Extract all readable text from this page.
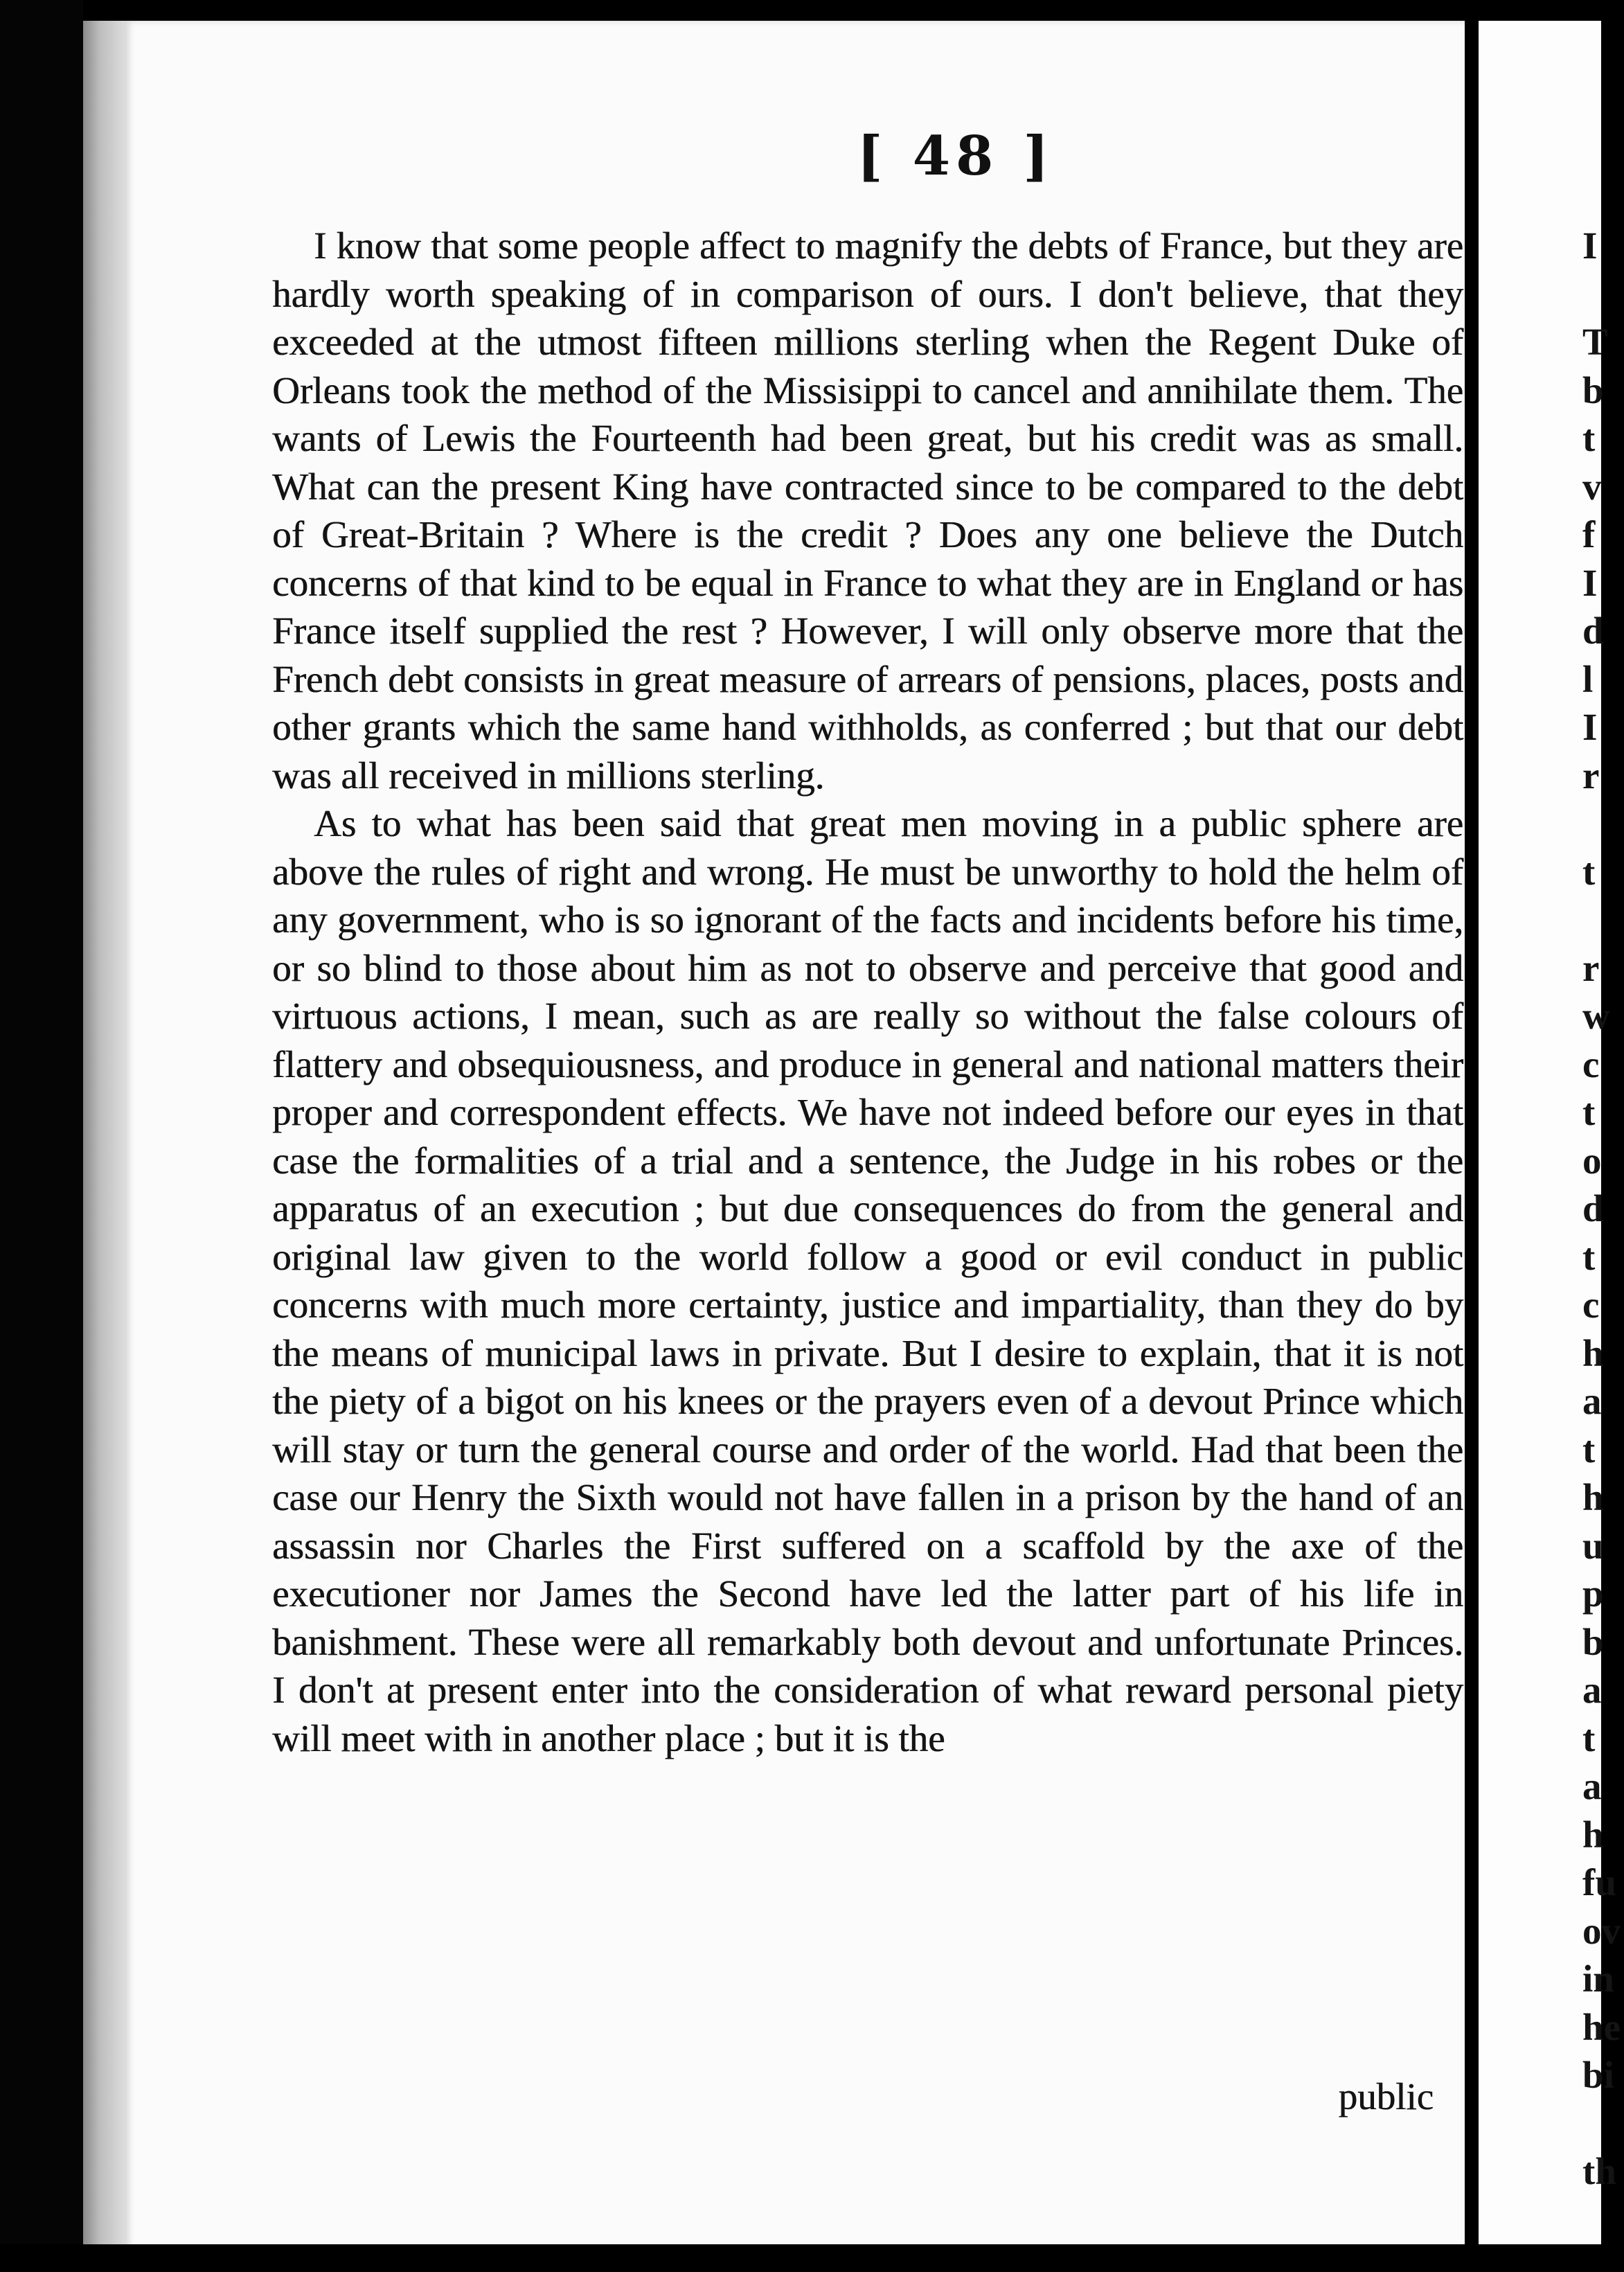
[ 48 ]

I know that some people affect to magnify the debts of France, but they are hardly worth speaking of in comparison of ours. I don't believe, that they exceeded at the utmost fifteen millions sterling when the Regent Duke of Orleans took the method of the Missisippi to cancel and annihilate them. The wants of Lewis the Fourteenth had been great, but his credit was as small. What can the present King have contracted since to be compared to the debt of Great-Britain ? Where is the credit ? Does any one believe the Dutch concerns of that kind to be equal in France to what they are in England or has France itself supplied the rest ? However, I will only observe more that the French debt consists in great measure of arrears of pensions, places, posts and other grants which the same hand withholds, as conferred ; but that our debt was all received in millions sterling.

As to what has been said that great men moving in a public sphere are above the rules of right and wrong. He must be unworthy to hold the helm of any government, who is so ignorant of the facts and incidents before his time, or so blind to those about him as not to observe and perceive that good and virtuous actions, I mean, such as are really so without the false colours of flattery and obsequiousness, and produce in general and national matters their proper and correspondent effects. We have not indeed before our eyes in that case the formalities of a trial and a sentence, the Judge in his robes or the apparatus of an execution ; but due consequences do from the general and original law given to the world follow a good or evil conduct in public concerns with much more certainty, justice and impartiality, than they do by the means of municipal laws in private. But I desire to explain, that it is not the piety of a bigot on his knees or the prayers even of a devout Prince which will stay or turn the general course and order of the world. Had that been the case our Henry the Sixth would not have fallen in a prison by the hand of an assassin nor Charles the First suffered on a scaffold by the axe of the executioner nor James the Second have led the latter part of his life in banishment. These were all remarkably both devout and unfortunate Princes. I don't at present enter into the consideration of what reward personal piety will meet with in another place ; but it is the

public
I
T
b
t
v
f
I
d
l
I
r
t
r
w
c
t
o
d
t
c
h
a
t
h
u
p
b
a
t
a
h
fu
ov
in
he
bi
th
